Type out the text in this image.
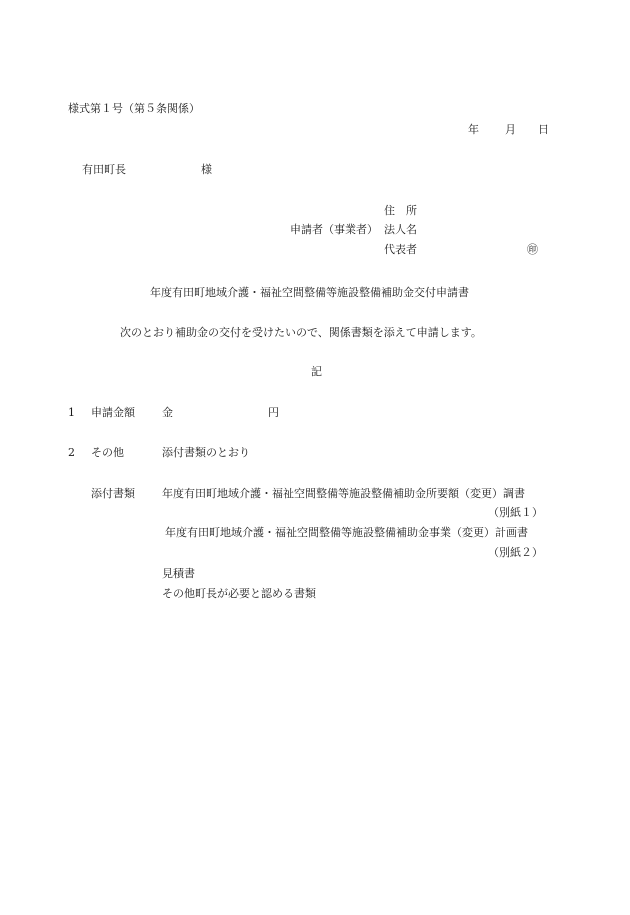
様式第１号（第５条関係）
年 月 日
有田町長	様
住　所
申請者（事業者） 法人名
代表者	㊞
年度有田町地域介護・福祉空間整備等施設整備補助金交付申請書
次のとおり補助金の交付を受けたいので、関係書類を添えて申請します。
記
1 申請金額 金	円
2 その他	添付書類のとおり
添付書類 年度有田町地域介護・福祉空間整備等施設整備補助金所要額（変更）調書
（別紙１）
年度有田町地域介護・福祉空間整備等施設整備補助金事業（変更）計画書
（別紙２）
見積書
その他町長が必要と認める書類
